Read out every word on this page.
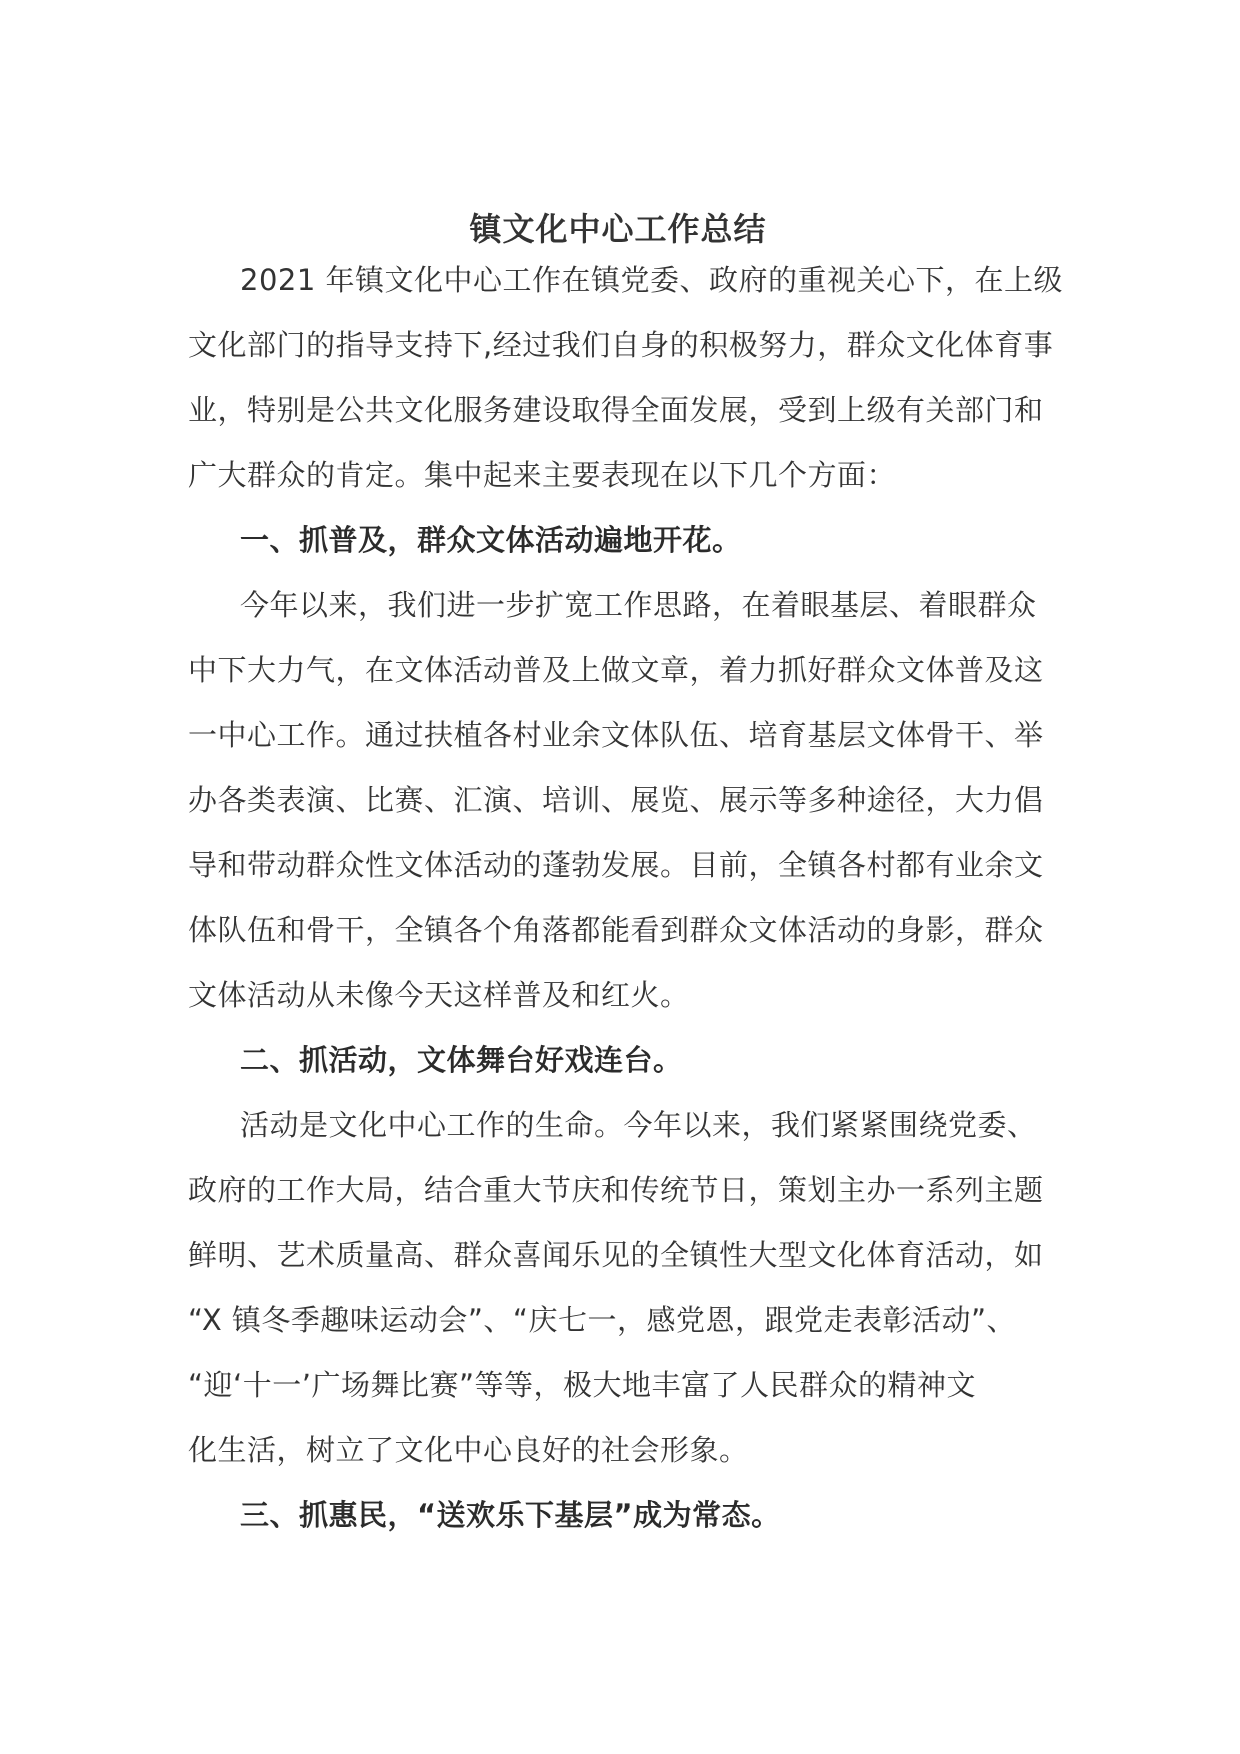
镇文化中心工作总结
2021 年镇文化中心工作在镇党委、政府的重视关心下，在上级
文化部门的指导支持下,经过我们自身的积极努力，群众文化体育事
业，特别是公共文化服务建设取得全面发展，受到上级有关部门和
广大群众的肯定。集中起来主要表现在以下几个方面：
一、抓普及，群众文体活动遍地开花。
今年以来，我们进一步扩宽工作思路，在着眼基层、着眼群众
中下大力气，在文体活动普及上做文章，着力抓好群众文体普及这
一中心工作。通过扶植各村业余文体队伍、培育基层文体骨干、举
办各类表演、比赛、汇演、培训、展览、展示等多种途径，大力倡
导和带动群众性文体活动的蓬勃发展。目前，全镇各村都有业余文
体队伍和骨干，全镇各个角落都能看到群众文体活动的身影，群众
文体活动从未像今天这样普及和红火。
二、抓活动，文体舞台好戏连台。
活动是文化中心工作的生命。今年以来，我们紧紧围绕党委、
政府的工作大局，结合重大节庆和传统节日，策划主办一系列主题
鲜明、艺术质量高、群众喜闻乐见的全镇性大型文化体育活动，如
“X 镇冬季趣味运动会”、“庆七一，感党恩，跟党走表彰活动”、
“迎‘十一’广场舞比赛”等等，极大地丰富了人民群众的精神文
化生活，树立了文化中心良好的社会形象。
三、抓惠民，“送欢乐下基层”成为常态。
